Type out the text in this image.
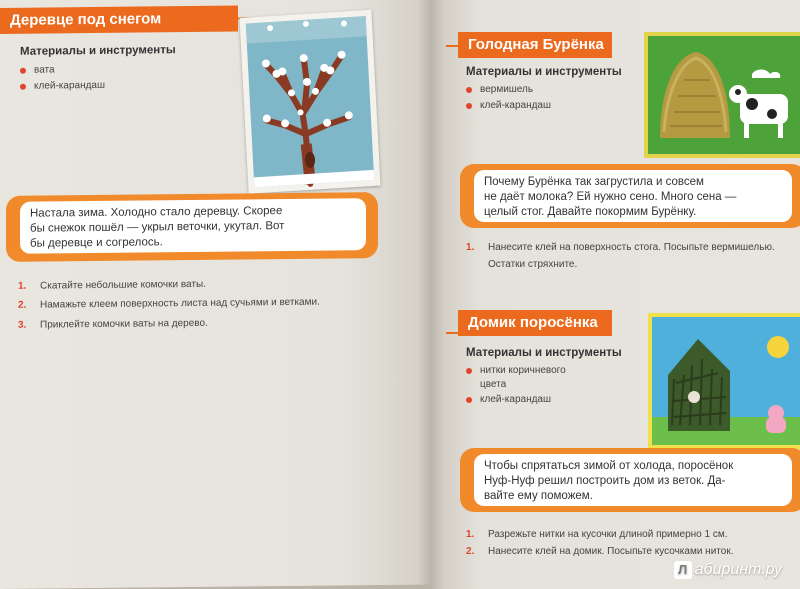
Деревце под снегом
Материалы и инструменты
вата
клей-карандаш
Настала зима. Холодно стало деревцу. Скорее
бы снежок пошёл — укрыл веточки, укутал. Вот
бы деревце и согрелось.
1.	Скатайте небольшие комочки ваты.
2.	Намажьте клеем поверхность листа над сучьями и ветками.
3.	Приклейте комочки ваты на дерево.
Голодная Бурёнка
Материалы и инструменты
вермишель
клей-карандаш
Почему Бурёнка так загрустила и совсем
не даёт молока? Ей нужно сено. Много сена —
целый стог. Давайте покормим Бурёнку.
1.	Нанесите клей на поверхность стога. Посыпьте вермишелью.
Остатки стряхните.
Домик поросёнка
Материалы и инструменты
нитки коричневого
цвета
клей-карандаш
Чтобы спрятаться зимой от холода, поросёнок
Нуф-Нуф решил построить дом из веток. Да-
вайте ему поможем.
1.	Разрежьте нитки на кусочки длиной примерно 1 см.
2.	Нанесите клей на домик. Посыпьте кусочками ниток.
Л абиринт.ру
